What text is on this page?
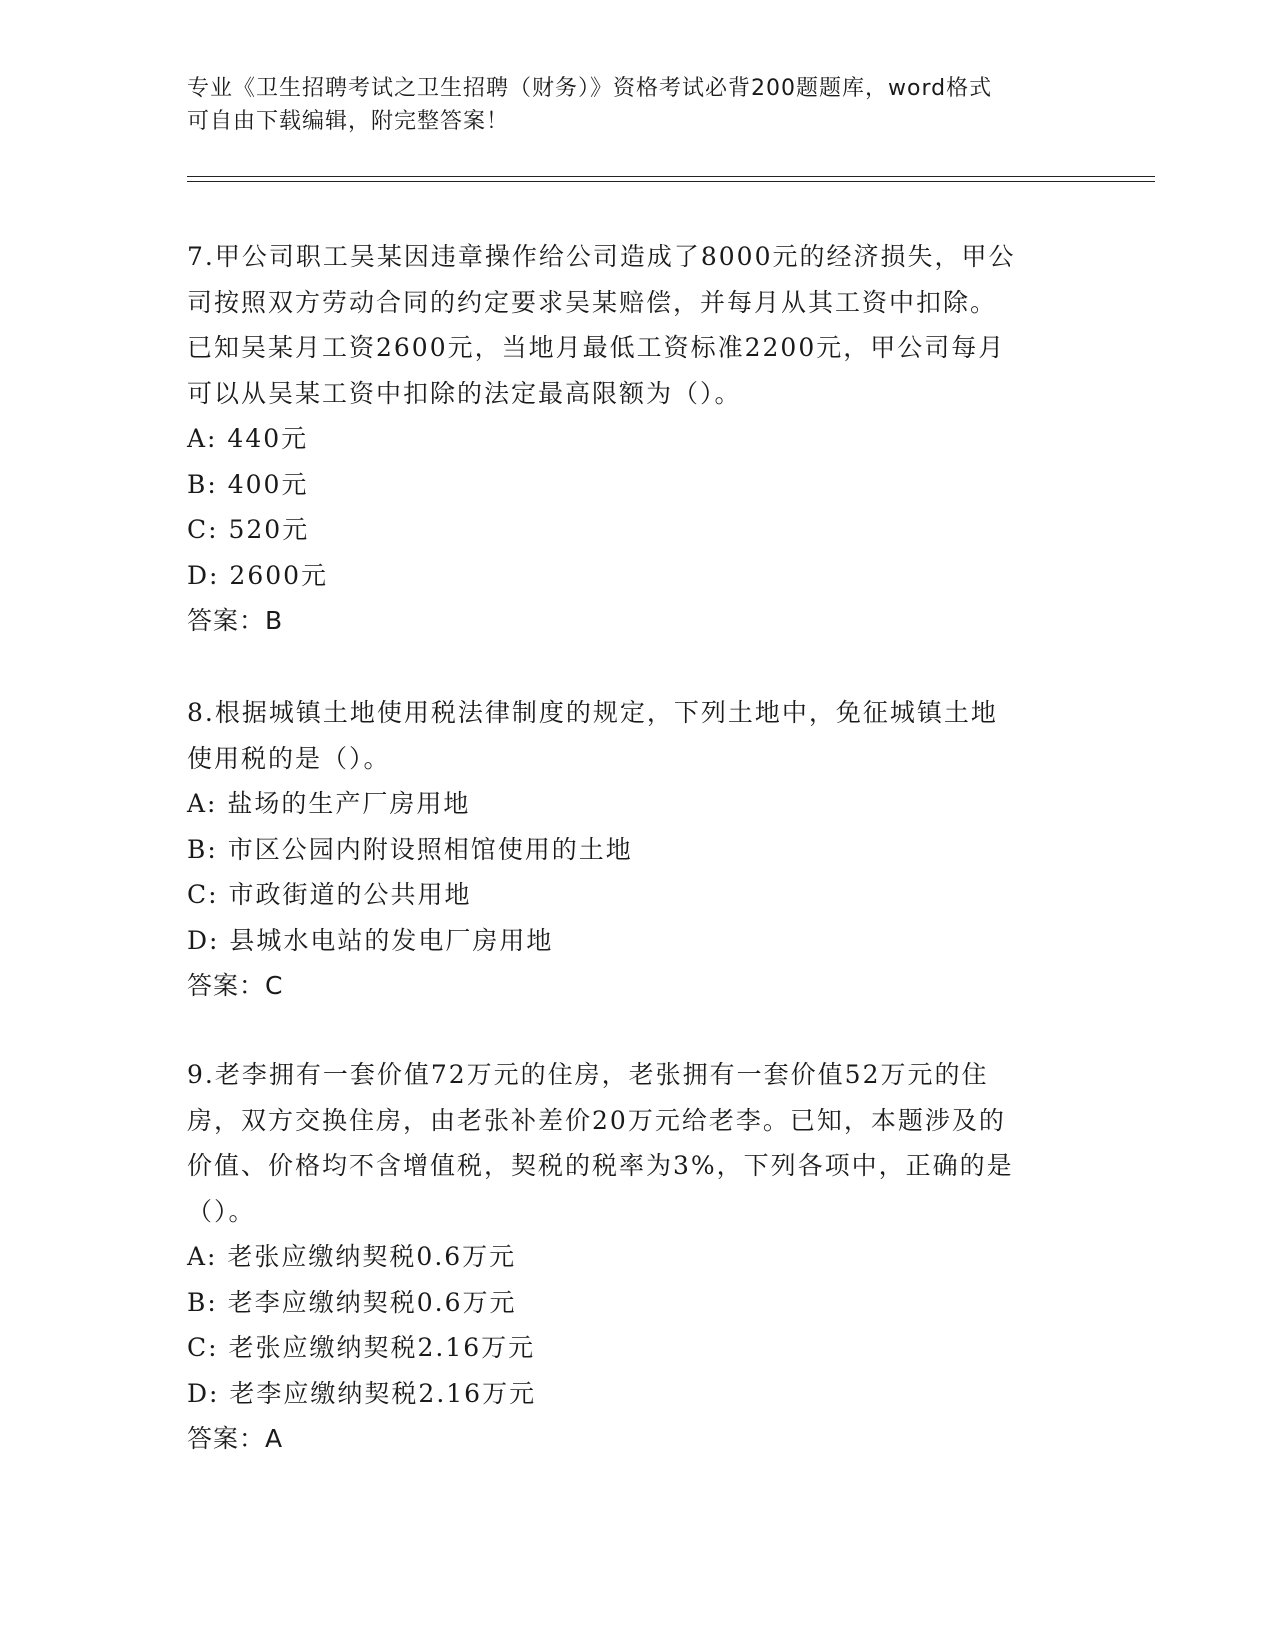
专业《卫生招聘考试之卫生招聘（财务）》资格考试必背200题题库，word格式
可自由下载编辑，附完整答案！
7.甲公司职工吴某因违章操作给公司造成了8000元的经济损失，甲公
司按照双方劳动合同的约定要求吴某赔偿，并每月从其工资中扣除。
已知吴某月工资2600元，当地月最低工资标准2200元，甲公司每月
可以从吴某工资中扣除的法定最高限额为（）。
A: 440元
B: 400元
C: 520元
D: 2600元
答案：B
8.根据城镇土地使用税法律制度的规定，下列土地中，免征城镇土地
使用税的是（）。
A: 盐场的生产厂房用地
B: 市区公园内附设照相馆使用的土地
C: 市政街道的公共用地
D: 县城水电站的发电厂房用地
答案：C
9.老李拥有一套价值72万元的住房，老张拥有一套价值52万元的住
房，双方交换住房，由老张补差价20万元给老李。已知，本题涉及的
价值、价格均不含增值税，契税的税率为3%，下列各项中，正确的是
（）。
A: 老张应缴纳契税0.6万元
B: 老李应缴纳契税0.6万元
C: 老张应缴纳契税2.16万元
D: 老李应缴纳契税2.16万元
答案：A
